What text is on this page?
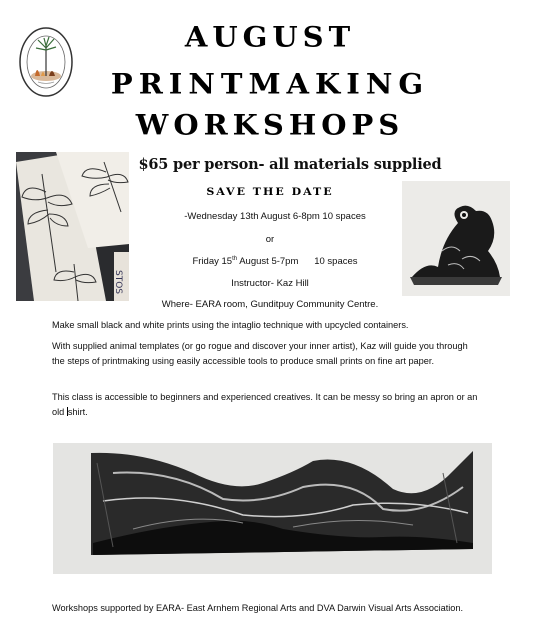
AUGUST
PRINTMAKING
WORKSHOPS
STOS
$65 per person- all materials supplied
SAVE THE DATE
-Wednesday 13th August 6-8pm 10 spaces
or
Friday 15th August 5-7pm      10 spaces
Instructor- Kaz Hill
Where- EARA room, Gunditpuy Community Centre.
Make small black and white prints using the intaglio technique with upcycled containers.
With supplied animal templates (or go rogue and discover your inner artist), Kaz will guide you through the steps of printmaking using easily accessible tools to produce small prints on fine art paper.
This class is accessible to beginners and experienced creatives. It can be messy so bring an apron or an old shirt.
Workshops supported by EARA- East Arnhem Regional Arts and DVA Darwin Visual Arts Association.
